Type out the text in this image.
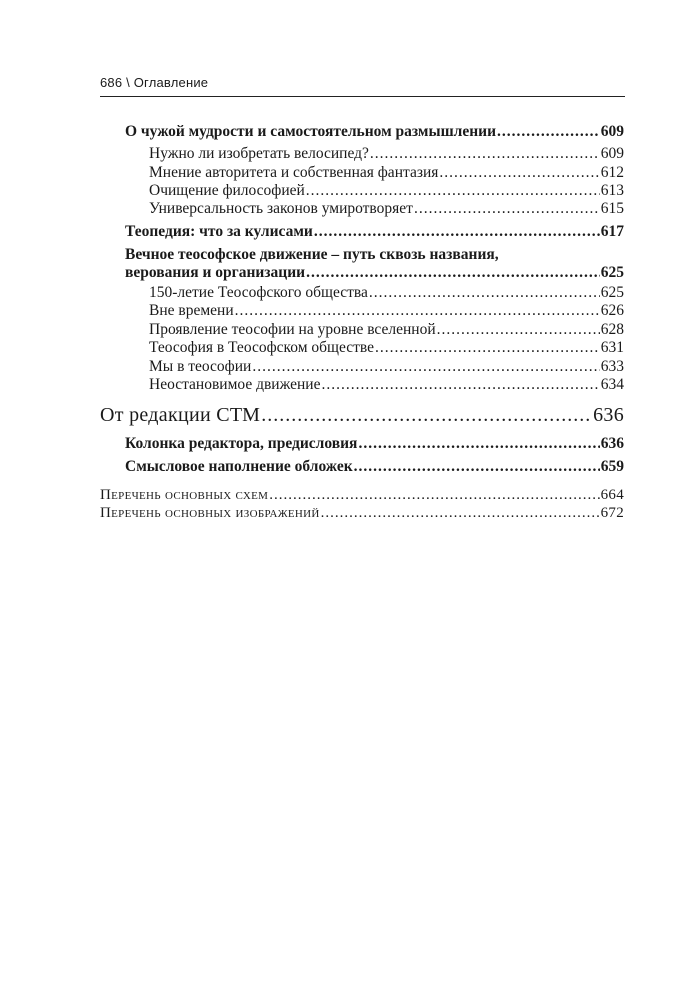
686 \ Оглавление
О чужой мудрости и самостоятельном размышлении .....	609
Нужно ли изобретать велосипед? .....	609
Мнение авторитета и собственная фантазия .....	612
Очищение философией .....	613
Универсальность законов умиротворяет .....	615
Теопедия: что за кулисами .....	617
Вечное теософское движение – путь сквозь названия,
верования и организации .....	625
150-летие Теософского общества .....	625
Вне времени .....	626
Проявление теософии на уровне вселенной .....	628
Теософия в Теософском обществе .....	631
Мы в теософии .....	633
Неостановимое движение .....	634
От редакции СТМ .....	636
Колонка редактора, предисловия .....	636
Смысловое наполнение обложек .....	659
Перечень основных схем .....	664
Перечень основных изображений .....	672
